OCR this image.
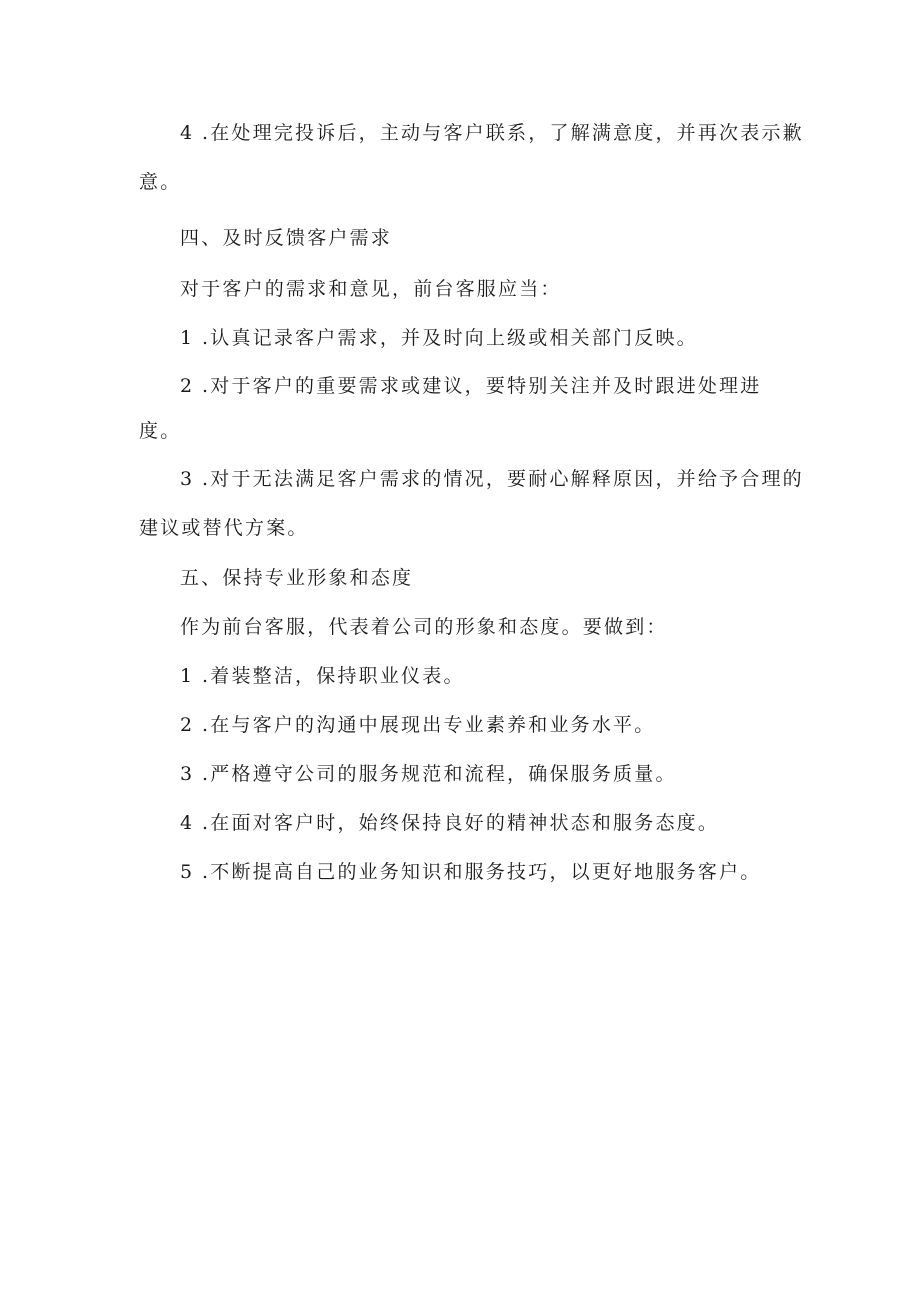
4 .在处理完投诉后，主动与客户联系，了解满意度，并再次表示歉
意。
四、及时反馈客户需求
对于客户的需求和意见，前台客服应当：
1 .认真记录客户需求，并及时向上级或相关部门反映。
2 .对于客户的重要需求或建议，要特别关注并及时跟进处理进
度。
3 .对于无法满足客户需求的情况，要耐心解释原因，并给予合理的
建议或替代方案。
五、保持专业形象和态度
作为前台客服，代表着公司的形象和态度。要做到：
1 .着装整洁，保持职业仪表。
2 .在与客户的沟通中展现出专业素养和业务水平。
3 .严格遵守公司的服务规范和流程，确保服务质量。
4 .在面对客户时，始终保持良好的精神状态和服务态度。
5 .不断提高自己的业务知识和服务技巧，以更好地服务客户。
